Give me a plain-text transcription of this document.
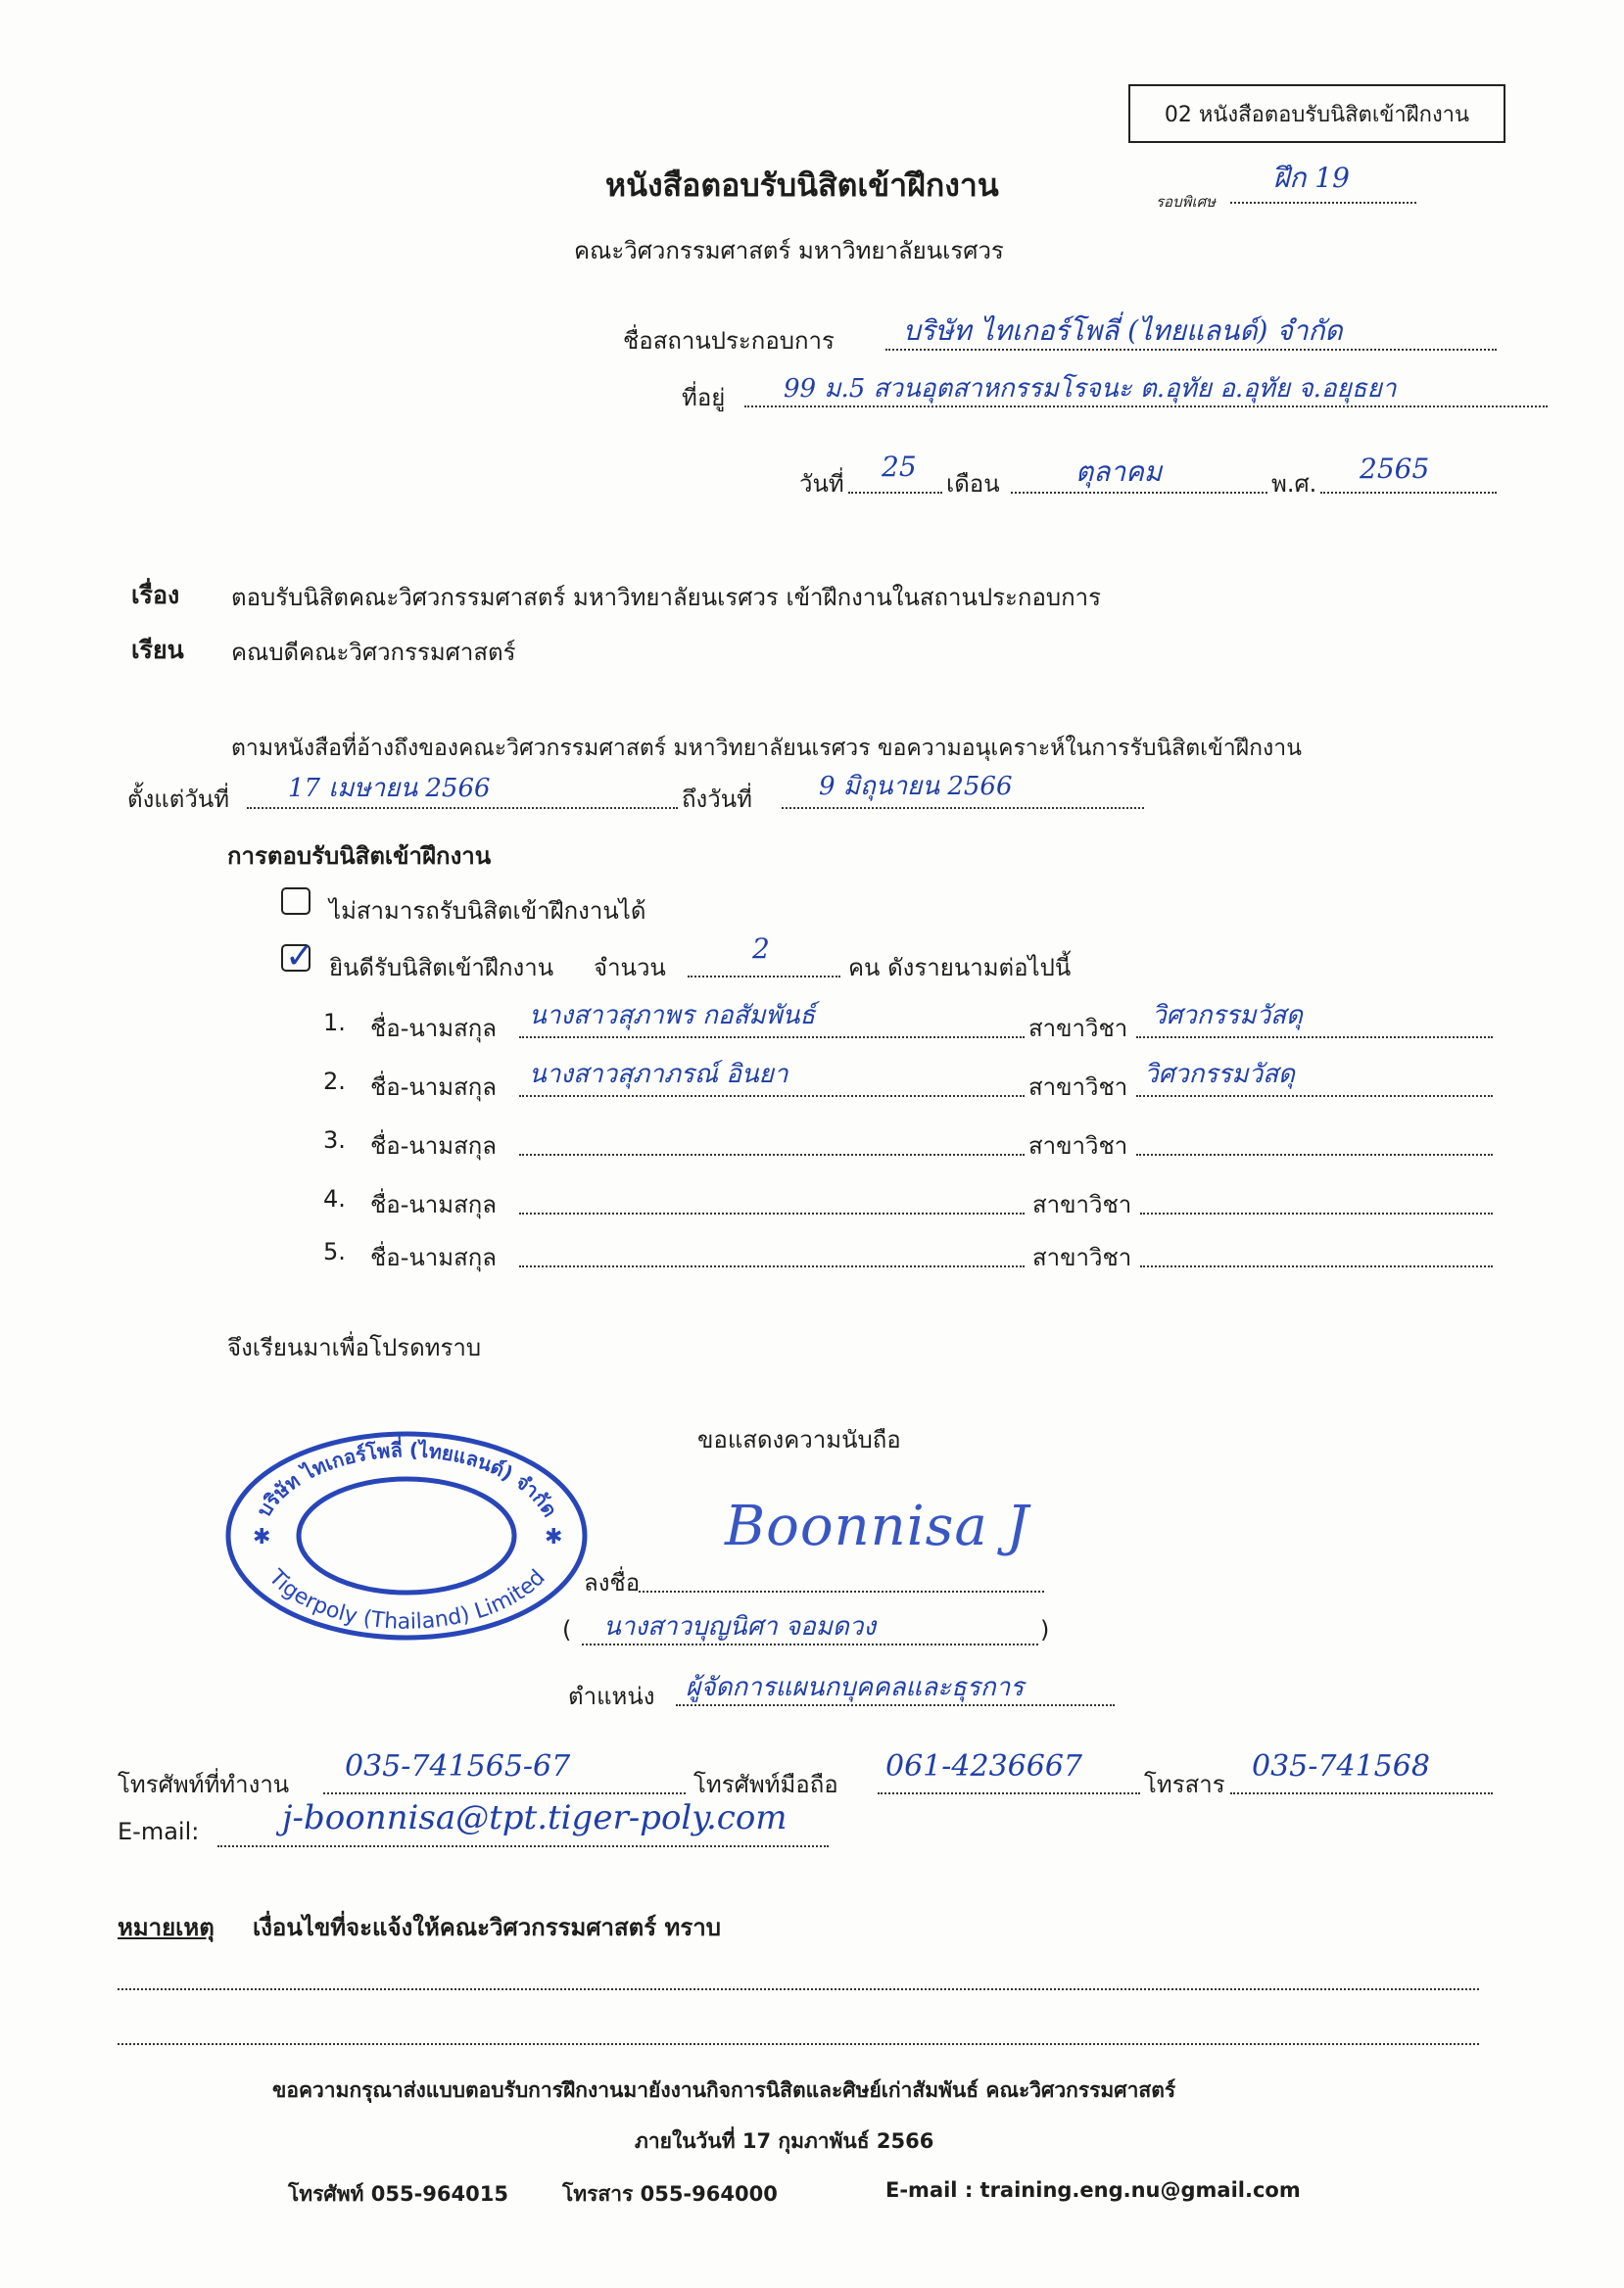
02 หนังสือตอบรับนิสิตเข้าฝึกงาน
หนังสือตอบรับนิสิตเข้าฝึกงาน	รอบพิเศษ
ฝึก 19
คณะวิศวกรรมศาสตร์ มหาวิทยาลัยนเรศวร
ชื่อสถานประกอบการ	บริษัท ไทเกอร์โพลี่ (ไทยแลนด์) จำกัด
ที่อยู่ 99 ม.5 สวนอุตสาหกรรมโรจนะ ต.อุทัย อ.อุทัย จ.อยุธยา
วันที่
25
เดือน	ตุลาคม	พ.ศ. 2565
เรื่อง ตอบรับนิสิตคณะวิศวกรรมศาสตร์ มหาวิทยาลัยนเรศวร เข้าฝึกงานในสถานประกอบการ
เรียน คณบดีคณะวิศวกรรมศาสตร์
ตามหนังสือที่อ้างถึงของคณะวิศวกรรมศาสตร์ มหาวิทยาลัยนเรศวร ขอความอนุเคราะห์ในการรับนิสิตเข้าฝึกงาน
ตั้งแต่วันที่ 17 เมษายน 2566	ถึงวันที่	9 มิถุนายน 2566
การตอบรับนิสิตเข้าฝึกงาน
ไม่สามารถรับนิสิตเข้าฝึกงานได้
✓ ยินดีรับนิสิตเข้าฝึกงาน จำนวน
2
คน ดังรายนามต่อไปนี้
1. ชื่อ-นามสกุล นางสาวสุภาพร กอสัมพันธ์	สาขาวิชา วิศวกรรมวัสดุ
2. ชื่อ-นามสกุล นางสาวสุภาภรณ์ อินยา	สาขาวิชา วิศวกรรมวัสดุ
3. ชื่อ-นามสกุล	สาขาวิชา
4. ชื่อ-นามสกุล	สาขาวิชา
5. ชื่อ-นามสกุล	สาขาวิชา
จึงเรียนมาเพื่อโปรดทราบ
ขอแสดงความนับถือ
บริษัท ไทเกอร์โพลี่ (ไทยแลนด์) จำกัด
Tigerpoly (Thailand) Limited
✱	✱
ลงชื่อ
Boonnisa J
( นางสาวบุญนิศา จอมดวง	)
ตำแหน่ง ผู้จัดการแผนกบุคคลและธุรการ
โทรศัพท์ที่ทำงาน
035-741565-67
โทรศัพท์มือถือ
061-4236667
โทรสาร
035-741568
E-mail: j-boonnisa@tpt.tiger-poly.com
หมายเหตุ เงื่อนไขที่จะแจ้งให้คณะวิศวกรรมศาสตร์ ทราบ
ขอความกรุณาส่งแบบตอบรับการฝึกงานมายังงานกิจการนิสิตและศิษย์เก่าสัมพันธ์ คณะวิศวกรรมศาสตร์
ภายในวันที่ 17 กุมภาพันธ์ 2566
โทรศัพท์ 055-964015	โทรสาร 055-964000	E-mail : training.eng.nu@gmail.com
